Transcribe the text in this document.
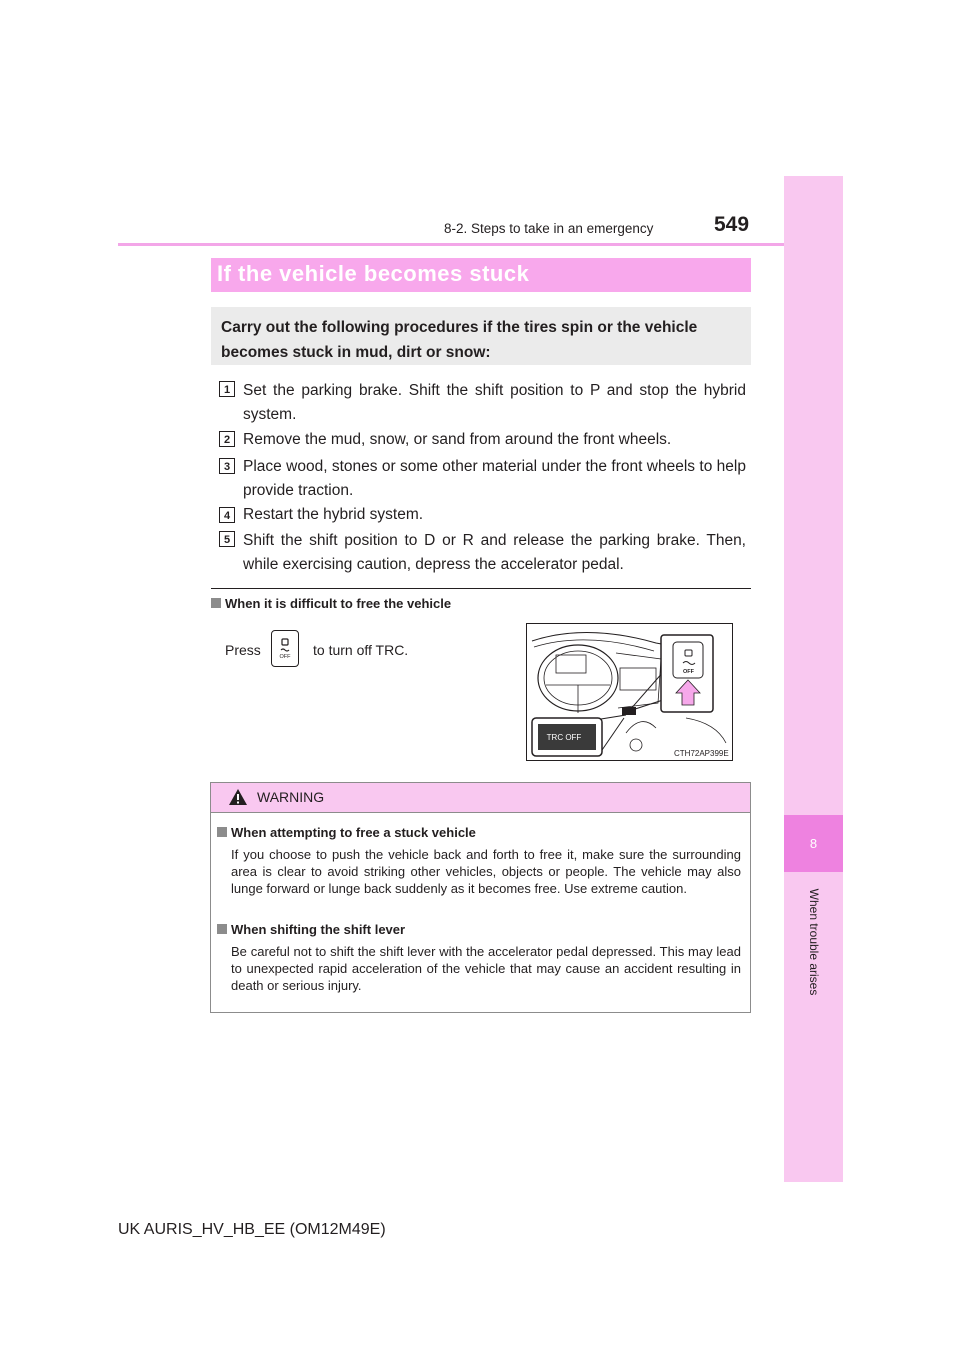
8
When trouble arises
8-2. Steps to take in an emergency	549
If the vehicle becomes stuck
Carry out the following procedures if the tires spin or the vehicle becomes stuck in mud, dirt or snow:
1 Set the parking brake. Shift the shift position to P and stop the hybrid system.
2 Remove the mud, snow, or sand from around the front wheels.
3 Place wood, stones or some other material under the front wheels to help provide traction.
4 Restart the hybrid system.
5 Shift the shift position to D or R and release the parking brake. Then, while exercising caution, depress the accelerator pedal.
When it is difficult to free the vehicle
Press	OFF to turn off TRC.
OFF
TRC OFF
CTH72AP399E
WARNING
When attempting to free a stuck vehicle
If you choose to push the vehicle back and forth to free it, make sure the surrounding area is clear to avoid striking other vehicles, objects or people. The vehicle may also lunge forward or lunge back suddenly as it becomes free. Use extreme caution.
When shifting the shift lever
Be careful not to shift the shift lever with the accelerator pedal depressed. This may lead to unexpected rapid acceleration of the vehicle that may cause an accident resulting in death or serious injury.
UK AURIS_HV_HB_EE (OM12M49E)
